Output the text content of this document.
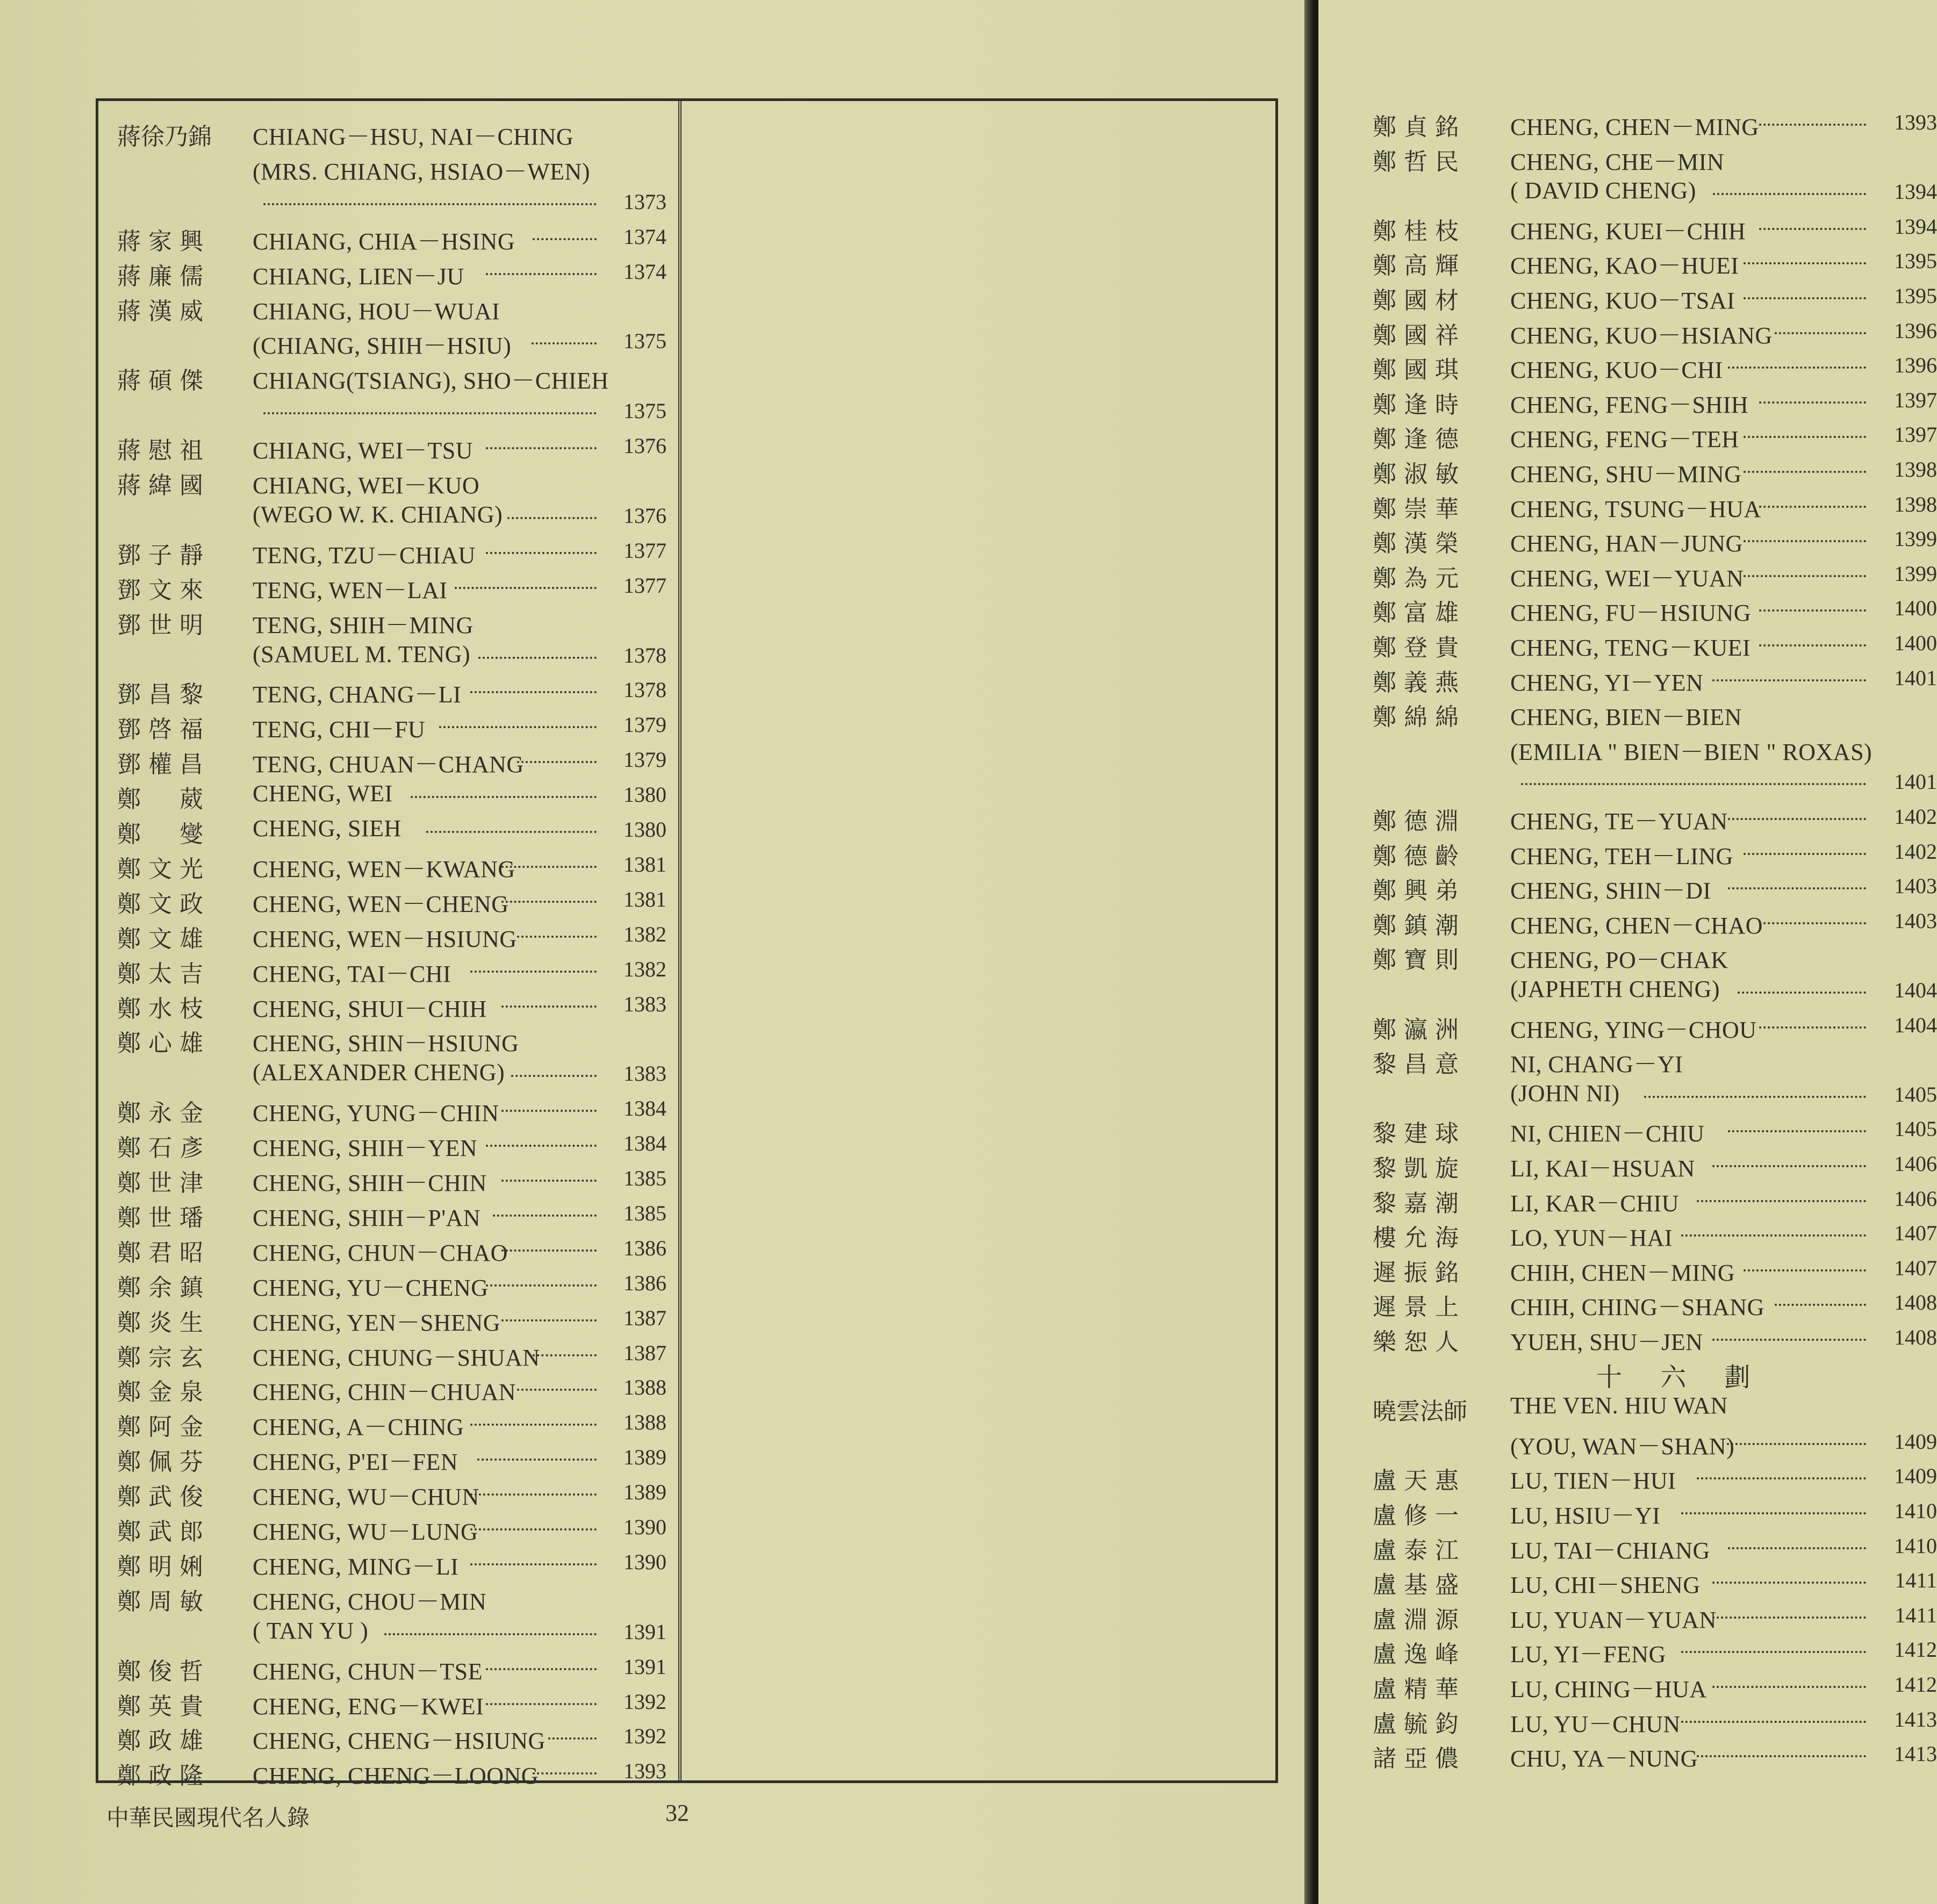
蔣徐乃錦 CHIANG－HSU, NAI－CHING
(MRS. CHIANG, HSIAO－WEN)
1373
蔣家興 CHIANG, CHIA－HSING	1374
蔣廉儒 CHIANG, LIEN－JU	1374
蔣漢威 CHIANG, HOU－WUAI
(CHIANG, SHIH－HSIU)	1375
蔣碩傑 CHIANG(TSIANG), SHO－CHIEH
1375
蔣慰祖 CHIANG, WEI－TSU	1376
蔣緯國 CHIANG, WEI－KUO
(WEGO W. K. CHIANG)	1376
鄧子靜 TENG, TZU－CHIAU	1377
鄧文來 TENG, WEN－LAI	1377
鄧世明 TENG, SHIH－MING
(SAMUEL M. TENG)	1378
鄧昌黎 TENG, CHANG－LI	1378
鄧啓福 TENG, CHI－FU	1379
鄧權昌 TENG, CHUAN－CHANG	1379
鄭　葳 CHENG, WEI	1380
鄭　燮 CHENG, SIEH	1380
鄭文光 CHENG, WEN－KWANG	1381
鄭文政 CHENG, WEN－CHENG	1381
鄭文雄 CHENG, WEN－HSIUNG	1382
鄭太吉 CHENG, TAI－CHI	1382
鄭水枝 CHENG, SHUI－CHIH	1383
鄭心雄 CHENG, SHIN－HSIUNG
(ALEXANDER CHENG)	1383
鄭永金 CHENG, YUNG－CHIN	1384
鄭石彥 CHENG, SHIH－YEN	1384
鄭世津 CHENG, SHIH－CHIN	1385
鄭世璠 CHENG, SHIH－P'AN	1385
鄭君昭 CHENG, CHUN－CHAO	1386
鄭余鎮 CHENG, YU－CHENG	1386
鄭炎生 CHENG, YEN－SHENG	1387
鄭宗玄 CHENG, CHUNG－SHUAN	1387
鄭金泉 CHENG, CHIN－CHUAN	1388
鄭阿金 CHENG, A－CHING	1388
鄭佩芬 CHENG, P'EI－FEN	1389
鄭武俊 CHENG, WU－CHUN	1389
鄭武郎 CHENG, WU－LUNG	1390
鄭明娳 CHENG, MING－LI	1390
鄭周敏 CHENG, CHOU－MIN
( TAN YU )	1391
鄭俊哲 CHENG, CHUN－TSE	1391
鄭英貴 CHENG, ENG－KWEI	1392
鄭政雄 CHENG, CHENG－HSIUNG	1392
鄭政隆 CHENG, CHENG－LOONG	1393
鄭貞銘 CHENG, CHEN－MING	1393
鄭哲民 CHENG, CHE－MIN
( DAVID CHENG)	1394
鄭桂枝 CHENG, KUEI－CHIH	1394
鄭高輝 CHENG, KAO－HUEI	1395
鄭國材 CHENG, KUO－TSAI	1395
鄭國祥 CHENG, KUO－HSIANG	1396
鄭國琪 CHENG, KUO－CHI	1396
鄭逢時 CHENG, FENG－SHIH	1397
鄭逢德 CHENG, FENG－TEH	1397
鄭淑敏 CHENG, SHU－MING	1398
鄭崇華 CHENG, TSUNG－HUA	1398
鄭漢榮 CHENG, HAN－JUNG	1399
鄭為元 CHENG, WEI－YUAN	1399
鄭富雄 CHENG, FU－HSIUNG	1400
鄭登貴 CHENG, TENG－KUEI	1400
鄭義燕 CHENG, YI－YEN	1401
鄭綿綿 CHENG, BIEN－BIEN
(EMILIA " BIEN－BIEN " ROXAS)
1401
鄭德淵 CHENG, TE－YUAN	1402
鄭德齡 CHENG, TEH－LING	1402
鄭興弟 CHENG, SHIN－DI	1403
鄭鎮潮 CHENG, CHEN－CHAO	1403
鄭寶則 CHENG, PO－CHAK
(JAPHETH CHENG)	1404
鄭瀛洲 CHENG, YING－CHOU	1404
黎昌意 NI, CHANG－YI
(JOHN NI)	1405
黎建球 NI, CHIEN－CHIU	1405
黎凱旋 LI, KAI－HSUAN	1406
黎嘉潮 LI, KAR－CHIU	1406
樓允海 LO, YUN－HAI	1407
遲振銘 CHIH, CHEN－MING	1407
遲景上 CHIH, CHING－SHANG	1408
樂恕人 YUEH, SHU－JEN	1408
十 六 劃
曉雲法師 THE VEN. HIU WAN
(YOU, WAN－SHAN)	1409
盧天惠 LU, TIEN－HUI	1409
盧修一 LU, HSIU－YI	1410
盧泰江 LU, TAI－CHIANG	1410
盧基盛 LU, CHI－SHENG	1411
盧淵源 LU, YUAN－YUAN	1411
盧逸峰 LU, YI－FENG	1412
盧精華 LU, CHING－HUA	1412
盧毓鈞 LU, YU－CHUN	1413
諸亞儂 CHU, YA－NUNG	1413
中華民國現代名人錄	32
